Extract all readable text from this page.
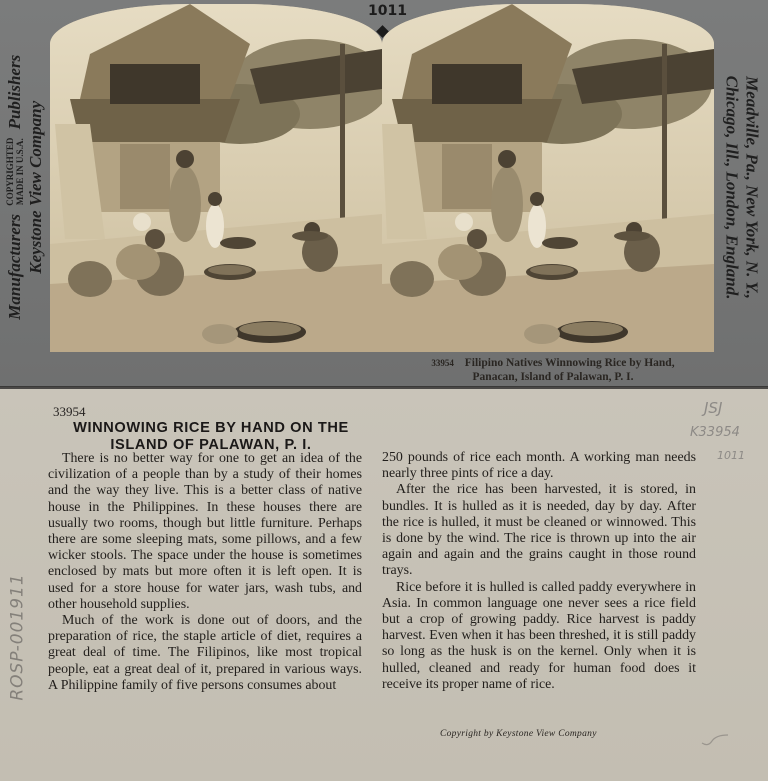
Manufacturers COPYRIGHTED
MADE IN U.S.A. Publishers
Keystone View Company	Meadville, Pa., New York, N. Y.,
Chicago, Ill., London, England.
33954 Filipino Natives Winnowing Rice by Hand,
Panacan, Island of Palawan, P. I.
33954
WINNOWING RICE BY HAND ON THE ISLAND OF PALAWAN, P. I.

There is no better way for one to get an idea of the civilization of a people than by a study of their homes and the way they live. This is a better class of native house in the Philippines. In these houses there are usually two rooms, though but little furniture. Perhaps there are some sleeping mats, some pillows, and a few wicker stools. The space under the house is sometimes enclosed by mats but more often it is left open. It is used for a store house for water jars, wash tubs, and other household supplies.

Much of the work is done out of doors, and the preparation of rice, the staple article of diet, requires a great deal of time. The Filipinos, like most tropical people, eat a great deal of it, prepared in various ways. A Philippine family of five persons consumes about

250 pounds of rice each month. A working man needs nearly three pints of rice a day.

After the rice has been harvested, it is stored, in bundles. It is hulled as it is needed, day by day. After the rice is hulled, it must be cleaned or winnowed. This is done by the wind. The rice is thrown up into the air again and again and the grains caught in those round trays.

Rice before it is hulled is called paddy everywhere in Asia. In common language one never sees a rice field but a crop of growing paddy. Rice harvest is paddy harvest. Even when it has been threshed, it is still paddy so long as the husk is on the kernel. Only when it is hulled, cleaned and ready for human food does it receive its proper name of rice.

Copyright by Keystone View Company
JSJ
K33954
1011
ROSP-001911
